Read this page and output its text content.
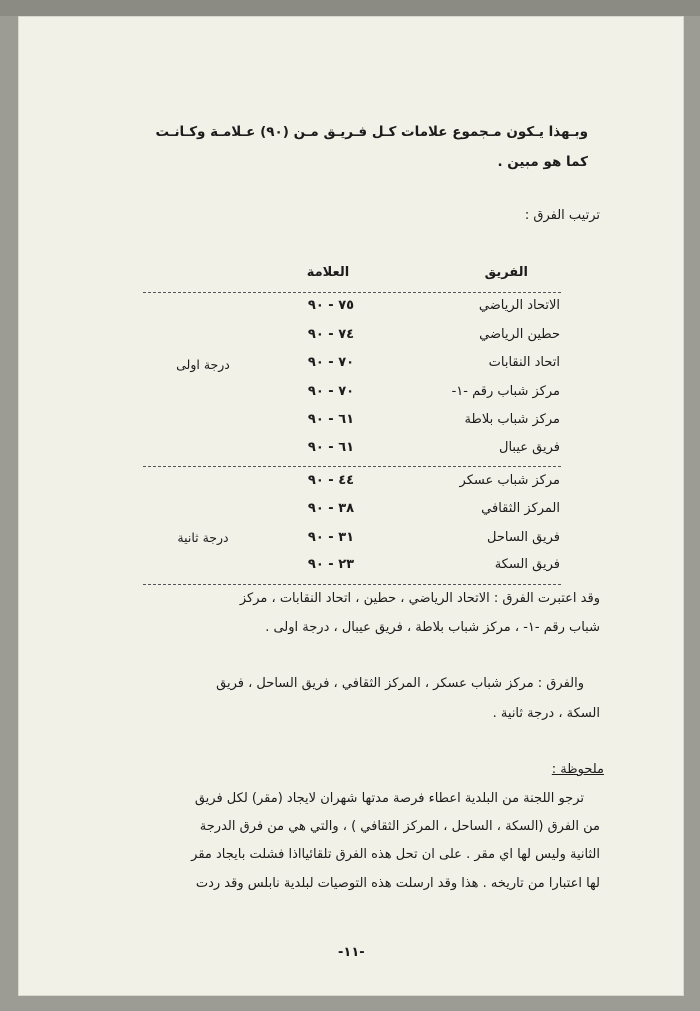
وبـهذا يـكون مـجموع علامات كـل فـريـق مـن (٩٠) عـلامـة وكـانـت
كما هو مبين .
ترتيب الفرق :
الفريق
العلامة
الاتحاد الرياضي
٧٥ - ٩٠
حطين الرياضي
٧٤ - ٩٠
اتحاد النقابات
٧٠ - ٩٠
مركز شباب رقم -١-
٧٠ - ٩٠
مركز شباب بلاطة
٦١ - ٩٠
فريق عيبال
٦١ - ٩٠
درجة اولى
مركز شباب عسكر
٤٤ - ٩٠
المركز الثقافي
٣٨ - ٩٠
فريق الساحل
٣١ - ٩٠
فريق السكة
٢٣ - ٩٠
درجة ثانية
وقد اعتبرت الفرق : الاتحاد الرياضي ، حطين ، اتحاد النقابات ، مركز
شباب رقم -١- ، مركز شباب بلاطة ، فريق عيبال ، درجة اولى .
والفرق : مركز شباب عسكر ، المركز الثقافي ، فريق الساحل ، فريق
السكة ، درجة ثانية .
ملحوظة :
ترجو اللجنة من البلدية اعطاء فرصة مدتها شهران لايجاد (مقر) لكل فريق
من الفرق (السكة ، الساحل ، المركز الثقافي ) ، والتي هي من فرق الدرجة
الثانية وليس لها اي مقر . على ان تحل هذه الفرق تلقائيااذا فشلت بايجاد مقر
لها اعتبارا من تاريخه . هذا وقد ارسلت هذه التوصيات لبلدية نابلس وقد ردت
-١١-
